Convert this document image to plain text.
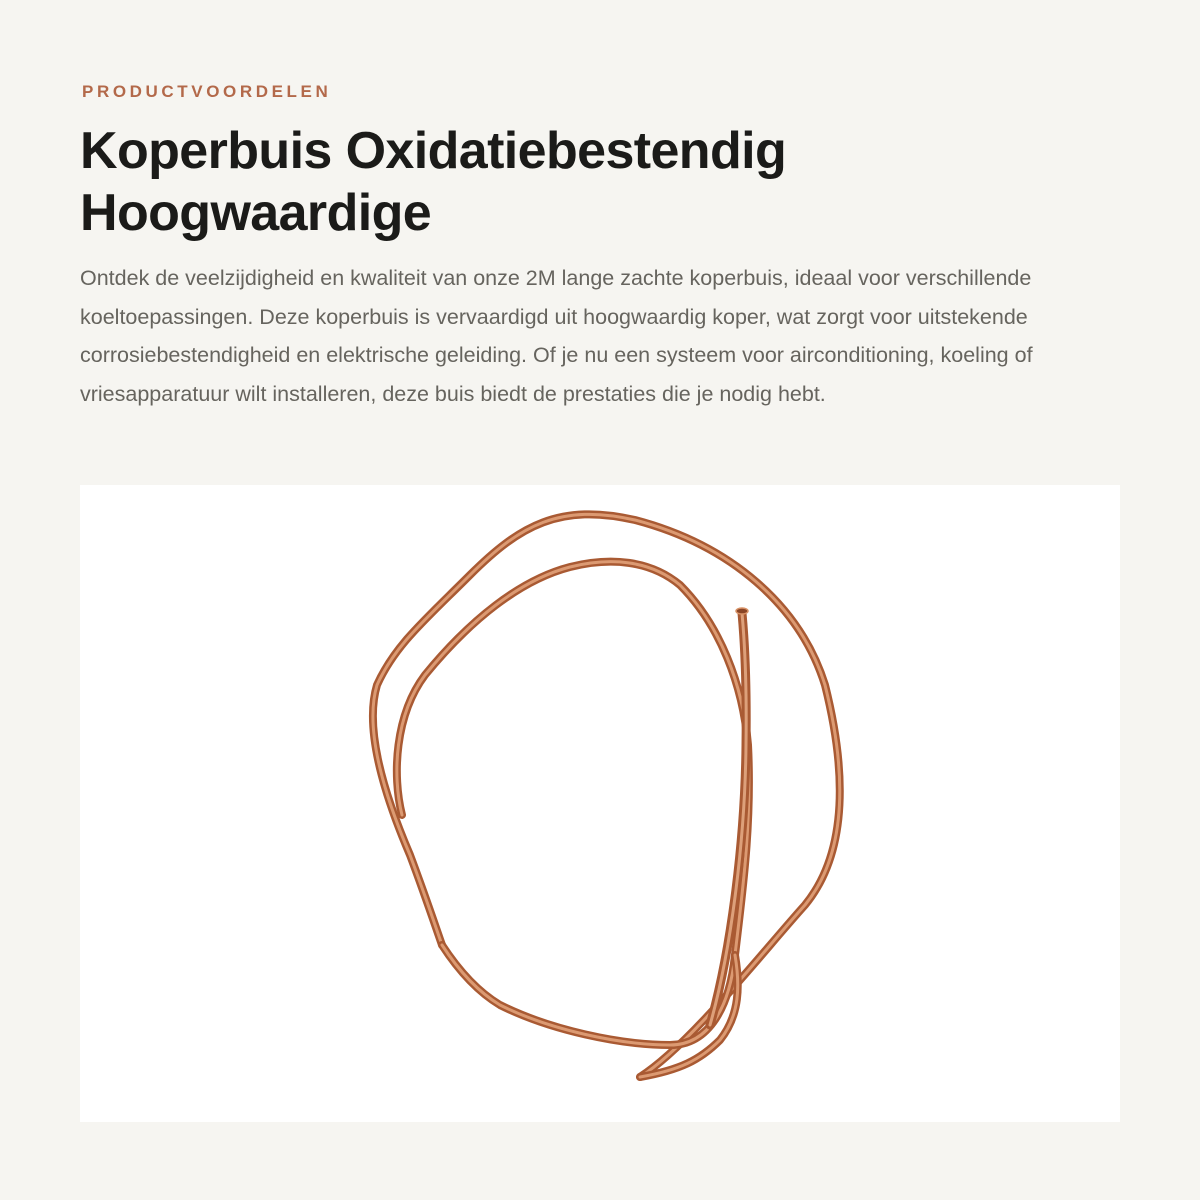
PRODUCTVOORDELEN

Koperbuis Oxidatiebestendig Hoogwaardige

Ontdek de veelzijdigheid en kwaliteit van onze 2M lange zachte koperbuis, ideaal voor verschillende koeltoepassingen. Deze koperbuis is vervaardigd uit hoogwaardig koper, wat zorgt voor uitstekende corrosiebestendigheid en elektrische geleiding. Of je nu een systeem voor airconditioning, koeling of vriesapparatuur wilt installeren, deze buis biedt de prestaties die je nodig hebt.
